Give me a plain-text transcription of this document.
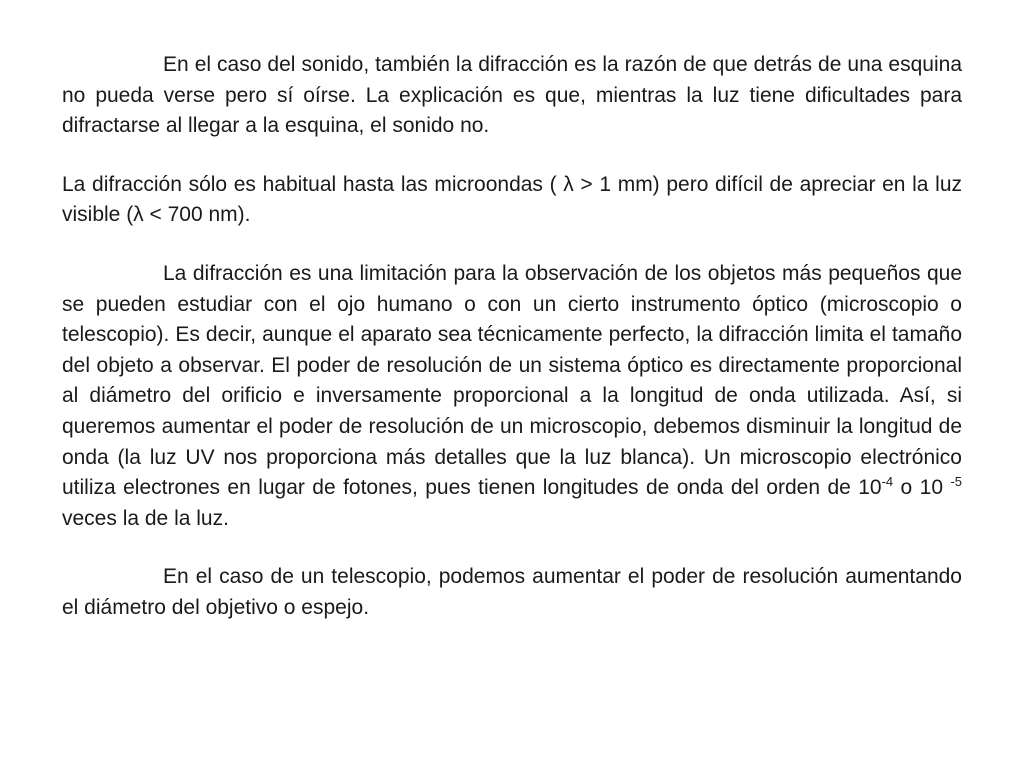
En el caso del sonido, también la difracción es la razón de que detrás de una esquina no pueda verse pero sí oírse. La explicación es que, mientras la luz tiene dificultades para difractarse al llegar a la esquina, el sonido no.

La difracción sólo es habitual hasta las microondas ( λ > 1 mm) pero difícil de apreciar en la luz visible (λ < 700 nm).

La difracción es una limitación para la observación de los objetos más pequeños que se pueden estudiar con el ojo humano o con un cierto instrumento óptico (microscopio o telescopio). Es decir, aunque el aparato sea técnicamente perfecto, la difracción limita el tamaño del objeto a observar. El poder de resolución de un sistema óptico es directamente proporcional al diámetro del orificio e inversamente proporcional a la longitud de onda utilizada. Así, si queremos aumentar el poder de resolución de un microscopio, debemos disminuir la longitud de onda (la luz UV nos proporciona más detalles que la luz blanca). Un microscopio electrónico utiliza electrones en lugar de fotones, pues tienen longitudes de onda del orden de $10^{-4}$ o 10 $^{-5}$ veces la de la luz.

En el caso de un telescopio, podemos aumentar el poder de resolución aumentando el diámetro del objetivo o espejo.
